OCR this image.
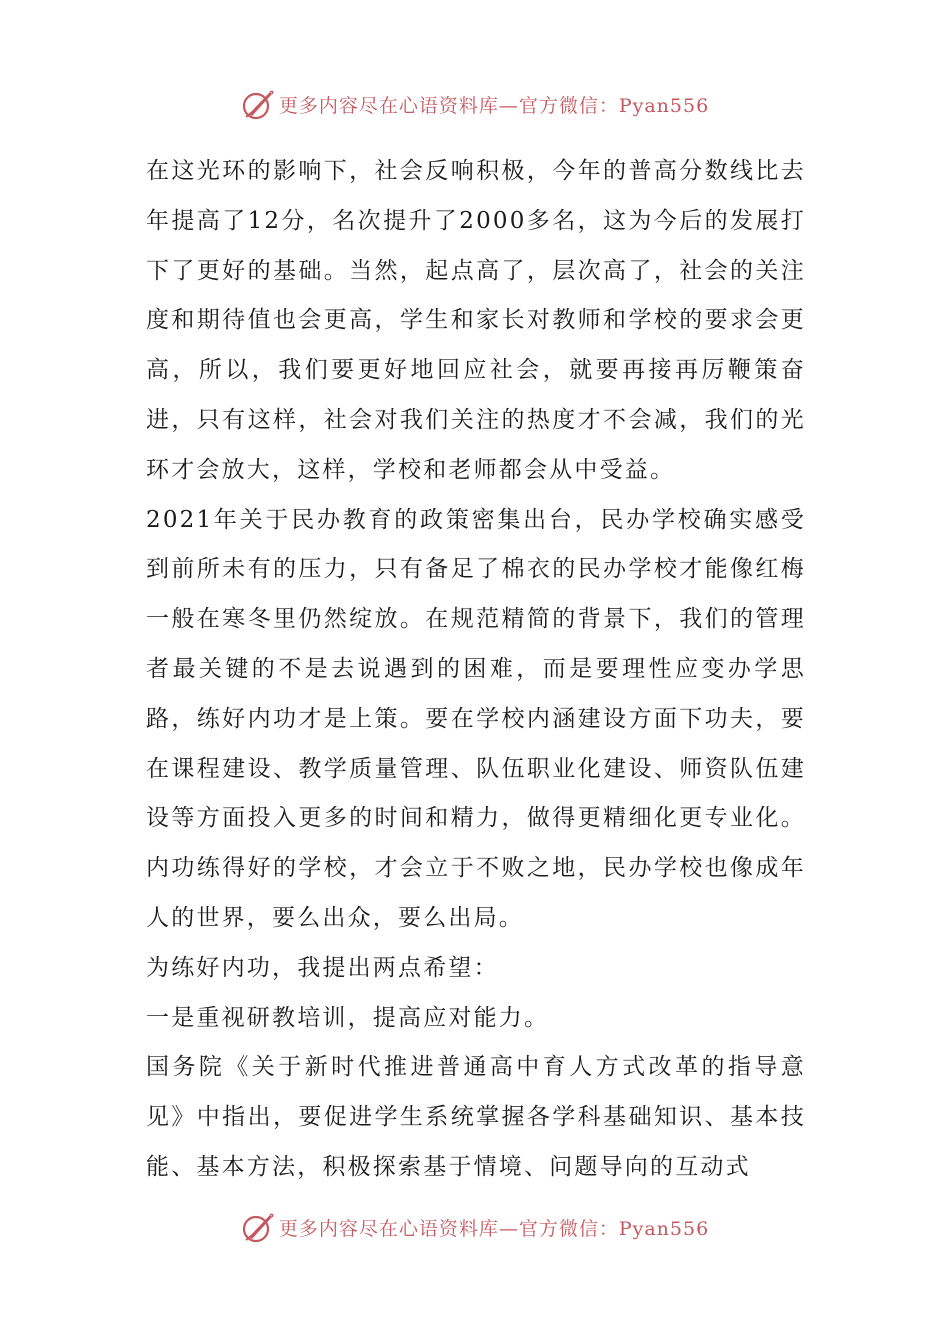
更多内容尽在心语资料库—官方微信：Pyan556

在这光环的影响下，社会反响积极，今年的普高分数线比去年提高了12分，名次提升了2000多名，这为今后的发展打下了更好的基础。当然，起点高了，层次高了，社会的关注度和期待值也会更高，学生和家长对教师和学校的要求会更高，所以，我们要更好地回应社会，就要再接再厉鞭策奋进，只有这样，社会对我们关注的热度才不会减，我们的光环才会放大，这样，学校和老师都会从中受益。

2021年关于民办教育的政策密集出台，民办学校确实感受到前所未有的压力，只有备足了棉衣的民办学校才能像红梅一般在寒冬里仍然绽放。在规范精简的背景下，我们的管理者最关键的不是去说遇到的困难，而是要理性应变办学思路，练好内功才是上策。要在学校内涵建设方面下功夫，要在课程建设、教学质量管理、队伍职业化建设、师资队伍建设等方面投入更多的时间和精力，做得更精细化更专业化。内功练得好的学校，才会立于不败之地，民办学校也像成年人的世界，要么出众，要么出局。

为练好内功，我提出两点希望：

一是重视研教培训，提高应对能力。

国务院《关于新时代推进普通高中育人方式改革的指导意见》中指出，要促进学生系统掌握各学科基础知识、基本技能、基本方法，积极探索基于情境、问题导向的互动式

更多内容尽在心语资料库—官方微信：Pyan556
